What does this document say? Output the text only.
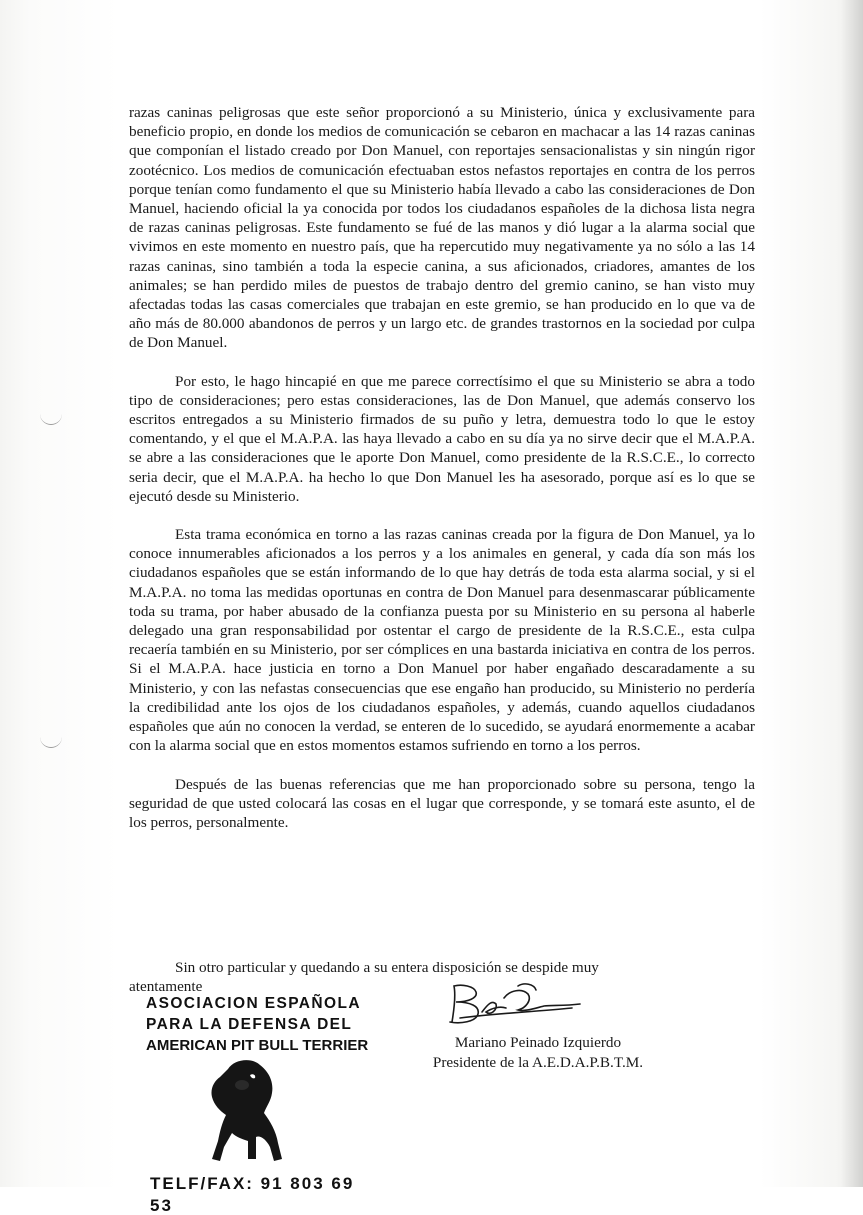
razas caninas peligrosas que este señor proporcionó a su Ministerio, única y exclusivamente para beneficio propio, en donde los medios de comunicación se cebaron en machacar a las 14 razas caninas que componían el listado creado por Don Manuel, con reportajes sensacionalistas y sin ningún rigor zootécnico. Los medios de comunicación efectuaban estos nefastos reportajes en contra de los perros porque tenían como fundamento el que su Ministerio había llevado a cabo las consideraciones de Don Manuel, haciendo oficial la ya conocida por todos los ciudadanos españoles de la dichosa lista negra de razas caninas peligrosas. Este fundamento se fué de las manos y dió lugar a la alarma social que vivimos en este momento en nuestro país, que ha repercutido muy negativamente ya no sólo a las 14 razas caninas, sino también a toda la especie canina, a sus aficionados, criadores, amantes de los animales; se han perdido miles de puestos de trabajo dentro del gremio canino, se han visto muy afectadas todas las casas comerciales que trabajan en este gremio, se han producido en lo que va de año más de 80.000 abandonos de perros y un largo etc. de grandes trastornos en la sociedad por culpa de Don Manuel.

Por esto, le hago hincapié en que me parece correctísimo el que su Ministerio se abra a todo tipo de consideraciones; pero estas consideraciones, las de Don Manuel, que además conservo los escritos entregados a su Ministerio firmados de su puño y letra, demuestra todo lo que le estoy comentando, y el que el M.A.P.A. las haya llevado a cabo en su día ya no sirve decir que el M.A.P.A. se abre a las consideraciones que le aporte Don Manuel, como presidente de la R.S.C.E., lo correcto seria decir, que el M.A.P.A. ha hecho lo que Don Manuel les ha asesorado, porque así es lo que se ejecutó desde su Ministerio.

Esta trama económica en torno a las razas caninas creada por la figura de Don Manuel, ya lo conoce innumerables aficionados a los perros y a los animales en general, y cada día son más los ciudadanos españoles que se están informando de lo que hay detrás de toda esta alarma social, y si el M.A.P.A. no toma las medidas oportunas en contra de Don Manuel para desenmascarar públicamente toda su trama, por haber abusado de la confianza puesta por su Ministerio en su persona al haberle delegado una gran responsabilidad por ostentar el cargo de presidente de la R.S.C.E., esta culpa recaería también en su Ministerio, por ser cómplices en una bastarda iniciativa en contra de los perros. Si el M.A.P.A. hace justicia en torno a Don Manuel por haber engañado descaradamente a su Ministerio, y con las nefastas consecuencias que ese engaño han producido, su Ministerio no perdería la credibilidad ante los ojos de los ciudadanos españoles, y además, cuando aquellos ciudadanos españoles que aún no conocen la verdad, se enteren de lo sucedido, se ayudará enormemente a acabar con la alarma social que en estos momentos estamos sufriendo en torno a los perros.

Después de las buenas referencias que me han proporcionado sobre su persona, tengo la seguridad de que usted colocará las cosas en el lugar que corresponde, y se tomará este asunto, el de los perros, personalmente.

Sin otro particular y quedando a su entera disposición se despide muy
atentamente
ASOCIACION ESPAÑOLA
PARA LA DEFENSA DEL
AMERICAN PIT BULL TERRIER
TELF/FAX: 91 803 69 53
Mariano Peinado Izquierdo
Presidente de la A.E.D.A.P.B.T.M.
